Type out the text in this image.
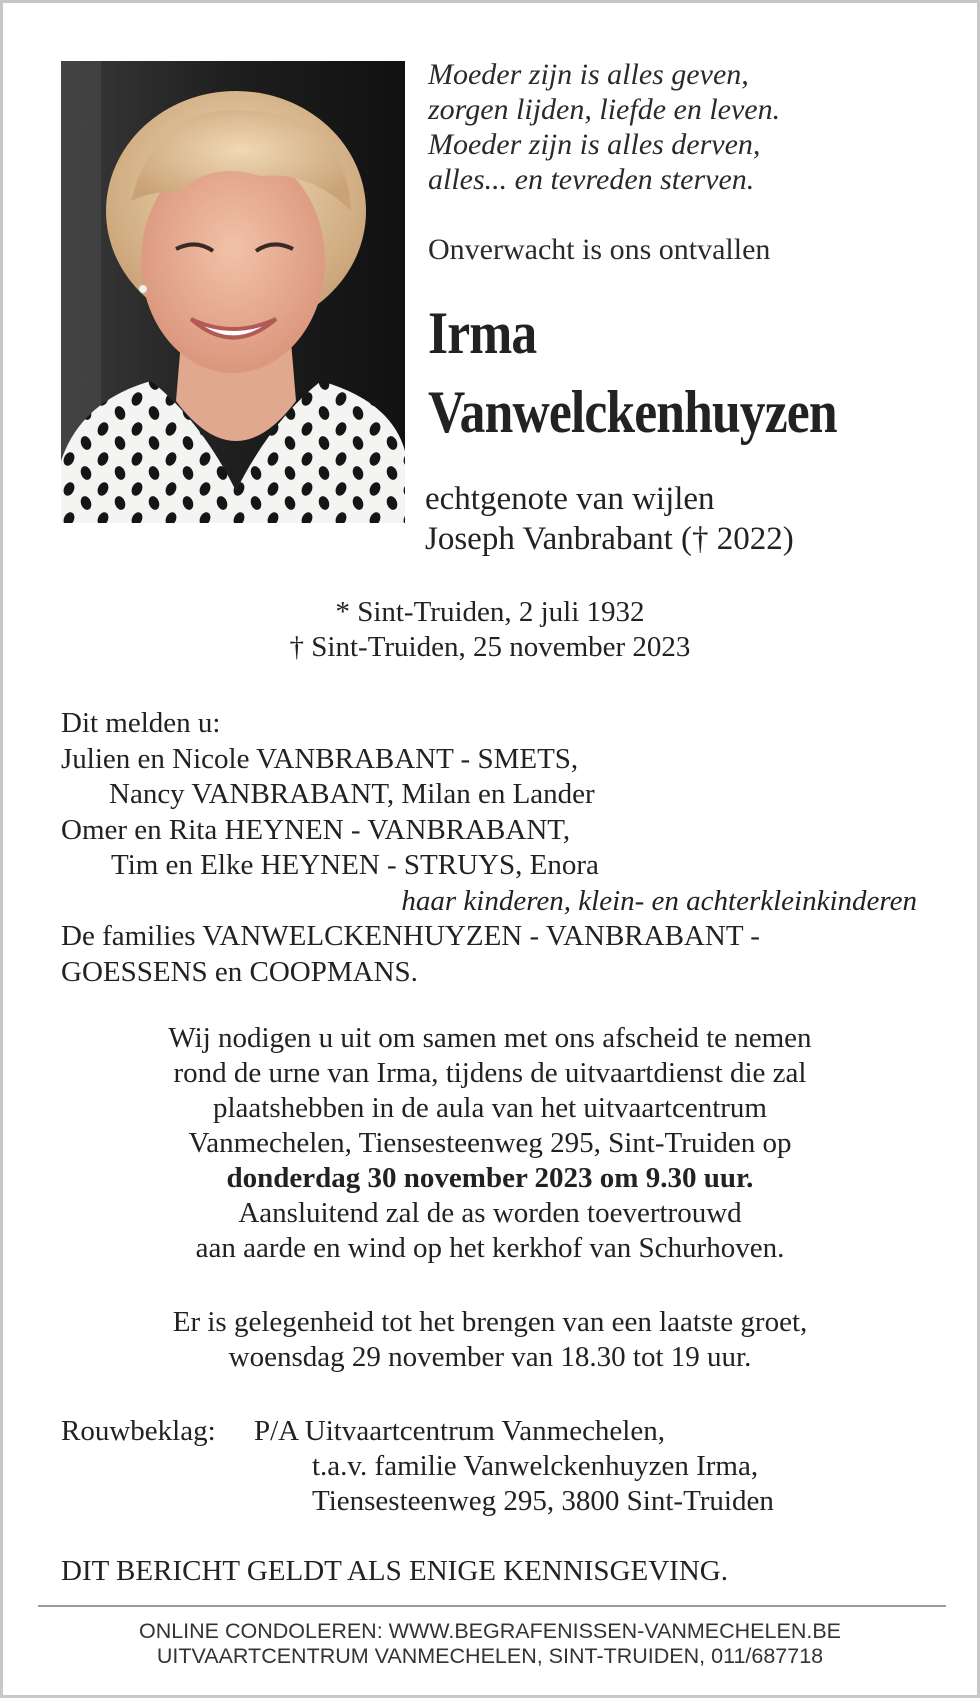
Moeder zijn is alles geven,
zorgen lijden, liefde en leven.
Moeder zijn is alles derven,
alles... en tevreden sterven.
Onverwacht is ons ontvallen
Irma
Vanwelckenhuyzen
echtgenote van wijlen
Joseph Vanbrabant († 2022)
* Sint-Truiden, 2 juli 1932
† Sint-Truiden, 25 november 2023
Dit melden u:
Julien en Nicole VANBRABANT - SMETS,
Nancy VANBRABANT, Milan en Lander
Omer en Rita HEYNEN - VANBRABANT,
Tim en Elke HEYNEN - STRUYS, Enora
haar kinderen, klein- en achterkleinkinderen
De families VANWELCKENHUYZEN - VANBRABANT -
GOESSENS en COOPMANS.
Wij nodigen u uit om samen met ons afscheid te nemen
rond de urne van Irma, tijdens de uitvaartdienst die zal
plaatshebben in de aula van het uitvaartcentrum
Vanmechelen, Tiensesteenweg 295, Sint-Truiden op
donderdag 30 november 2023 om 9.30 uur.
Aansluitend zal de as worden toevertrouwd
aan aarde en wind op het kerkhof van Schurhoven.
Er is gelegenheid tot het brengen van een laatste groet,
woensdag 29 november van 18.30 tot 19 uur.
Rouwbeklag: P/A Uitvaartcentrum Vanmechelen,
t.a.v. familie Vanwelckenhuyzen Irma,
Tiensesteenweg 295, 3800 Sint-Truiden
DIT BERICHT GELDT ALS ENIGE KENNISGEVING.
ONLINE CONDOLEREN: WWW.BEGRAFENISSEN-VANMECHELEN.BE
UITVAARTCENTRUM VANMECHELEN, SINT-TRUIDEN, 011/687718
